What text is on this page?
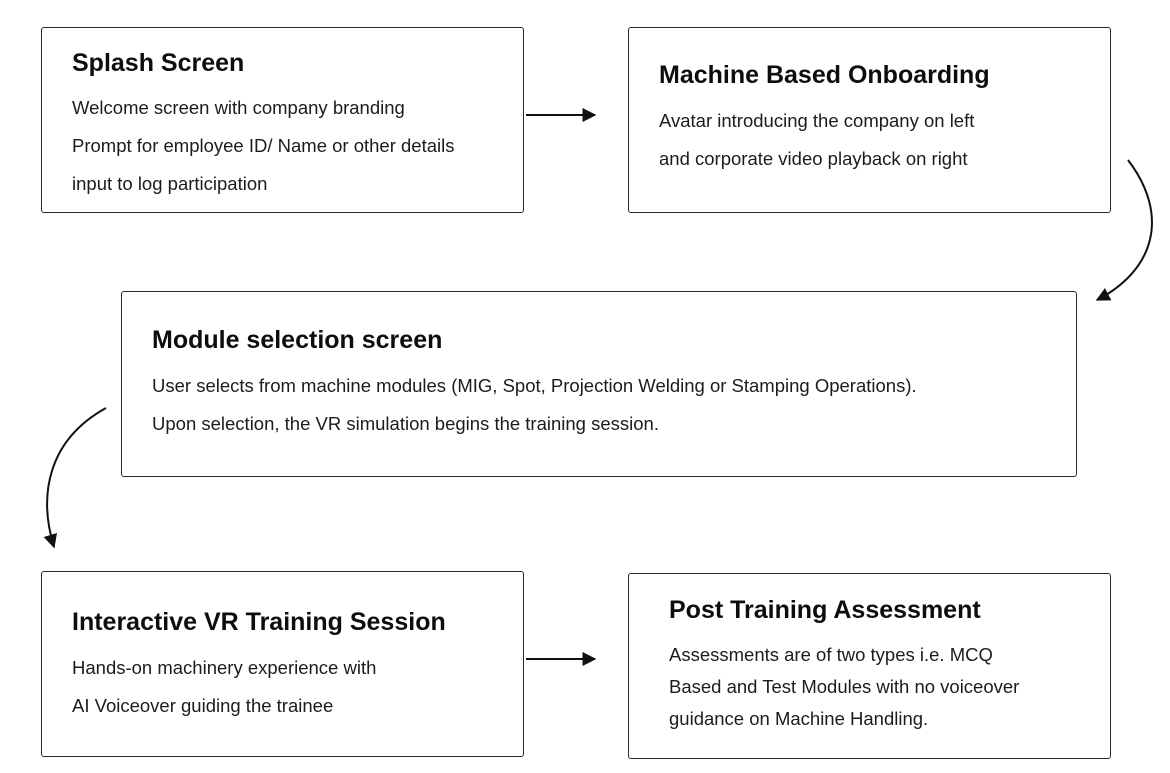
Splash Screen
Welcome screen with company branding
Prompt for employee ID/ Name or other details
input to log participation
Machine Based Onboarding
Avatar introducing the company on left
and corporate video playback on right
Module selection screen
User selects from machine modules (MIG, Spot, Projection Welding or Stamping Operations).
Upon selection, the VR simulation begins the training session.
Interactive VR Training Session
Hands-on machinery experience with
AI Voiceover guiding the trainee
Post Training Assessment
Assessments are of two types i.e. MCQ
Based and Test Modules with no voiceover
guidance on Machine Handling.
